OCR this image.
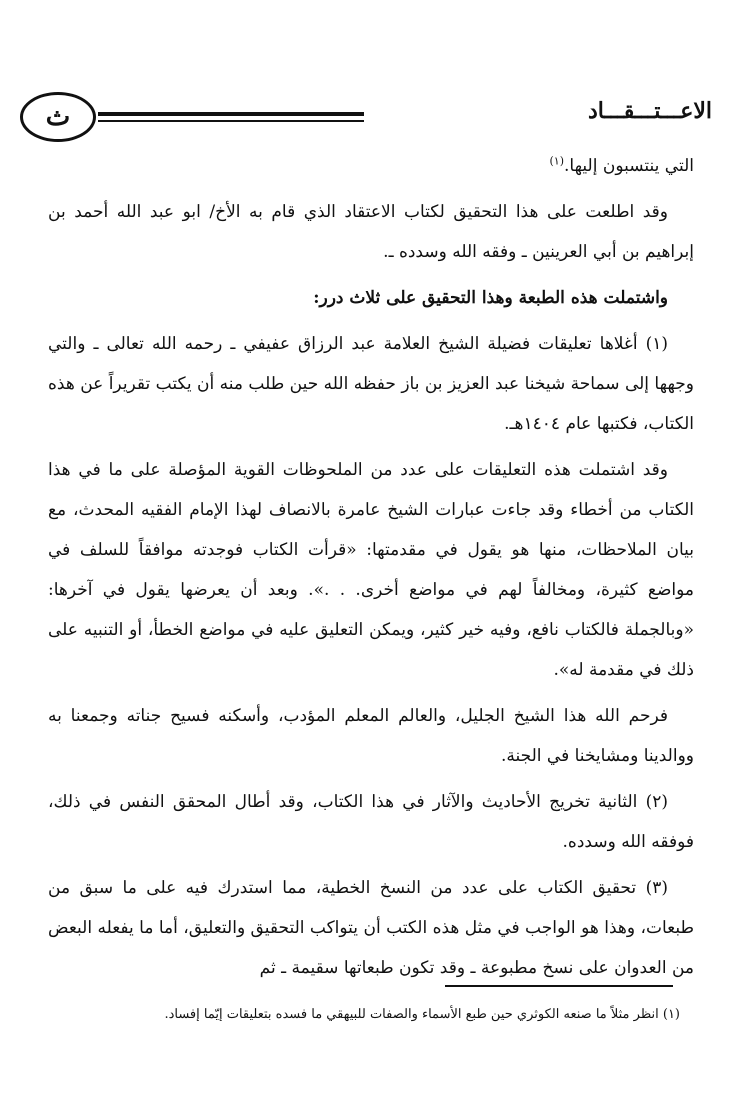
ث	الاعـــتـــقـــاد

التي ينتسبون إليها.$^{(١)}$

وقد اطلعت على هذا التحقيق لكتاب الاعتقاد الذي قام به الأخ/ ابو عبد الله أحمد بن إبراهيم بن أبي العرينين ـ وفقه الله وسدده ـ.

واشتملت هذه الطبعة وهذا التحقيق على ثلاث درر:

(١) أغلاها تعليقات فضيلة الشيخ العلامة عبد الرزاق عفيفي ـ رحمه الله تعالى ـ والتي وجهها إلى سماحة شيخنا عبد العزيز بن باز حفظه الله حين طلب منه أن يكتب تقريراً عن هذه الكتاب، فكتبها عام ١٤٠٤هـ.

وقد اشتملت هذه التعليقات على عدد من الملحوظات القوية المؤصلة على ما في هذا الكتاب من أخطاء وقد جاءت عبارات الشيخ عامرة بالانصاف لهذا الإمام الفقيه المحدث، مع بيان الملاحظات، منها هو يقول في مقدمتها: «قرأت الكتاب فوجدته موافقاً للسلف في مواضع كثيرة، ومخالفاً لهم في مواضع أخرى. . .». وبعد أن يعرضها يقول في آخرها: «وبالجملة فالكتاب نافع، وفيه خير كثير، ويمكن التعليق عليه في مواضع الخطأ، أو التنبيه على ذلك في مقدمة له».

فرحم الله هذا الشيخ الجليل، والعالم المعلم المؤدب، وأسكنه فسيح جناته وجمعنا به ووالدينا ومشايخنا في الجنة.

(٢) الثانية تخريج الأحاديث والآثار في هذا الكتاب، وقد أطال المحقق النفس في ذلك، فوفقه الله وسدده.

(٣) تحقيق الكتاب على عدد من النسخ الخطية، مما استدرك فيه على ما سبق من طبعات، وهذا هو الواجب في مثل هذه الكتب أن يتواكب التحقيق والتعليق، أما ما يفعله البعض من العدوان على نسخ مطبوعة ـ وقد تكون طبعاتها سقيمة ـ ثم

(١) انظر مثلاً ما صنعه الكوثري حين طبع الأسماء والصفات للبيهقي ما فسده بتعليقات إيّما إفساد.
